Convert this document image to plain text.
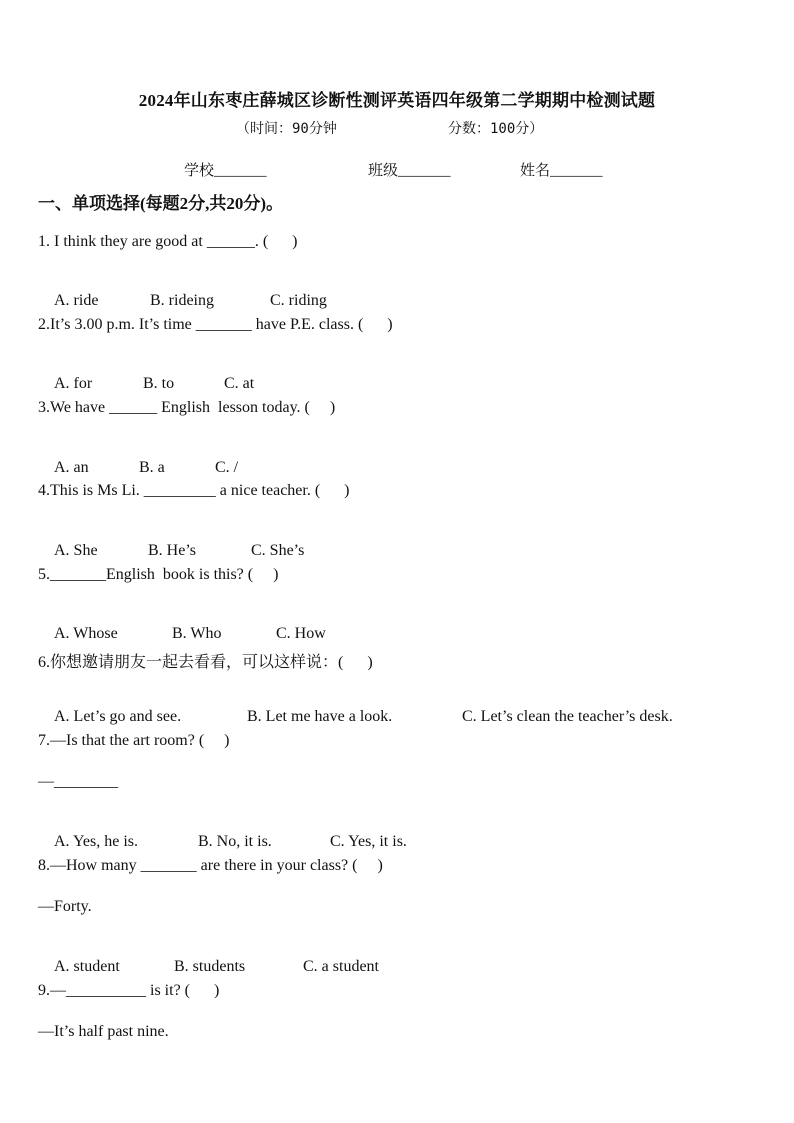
2024年山东枣庄薛城区诊断性测评英语四年级第二学期期中检测试题
（时间：90分钟	分数：100分）
学校_______	班级_______	姓名_______
一、单项选择(每题2分,共20分)。
1. I think they are good at ______. (      )

A. ride	B. rideing	C. riding

2.It’s 3.00 p.m. It’s time _______ have P.E. class. (      )

A. for	B. to	C. at

3.We have ______ English  lesson today. (     )

A. an	B. a	C. /

4.This is Ms Li. _________ a nice teacher. (      )

A. She	B. He’s	C. She’s

5._______English  book is this? (     )

A. Whose	B. Who	C. How

6.你想邀请朋友一起去看看，可以这样说：(      )

A. Let’s go and see.	B. Let me have a look.	C. Let’s clean the teacher’s desk.

7.—Is that the art room? (     )
—________

A. Yes, he is.	B. No, it is.	C. Yes, it is.

8.—How many _______ are there in your class? (     )
—Forty.

A. student	B. students	C. a student

9.—__________ is it? (      )
—It’s half past nine.
